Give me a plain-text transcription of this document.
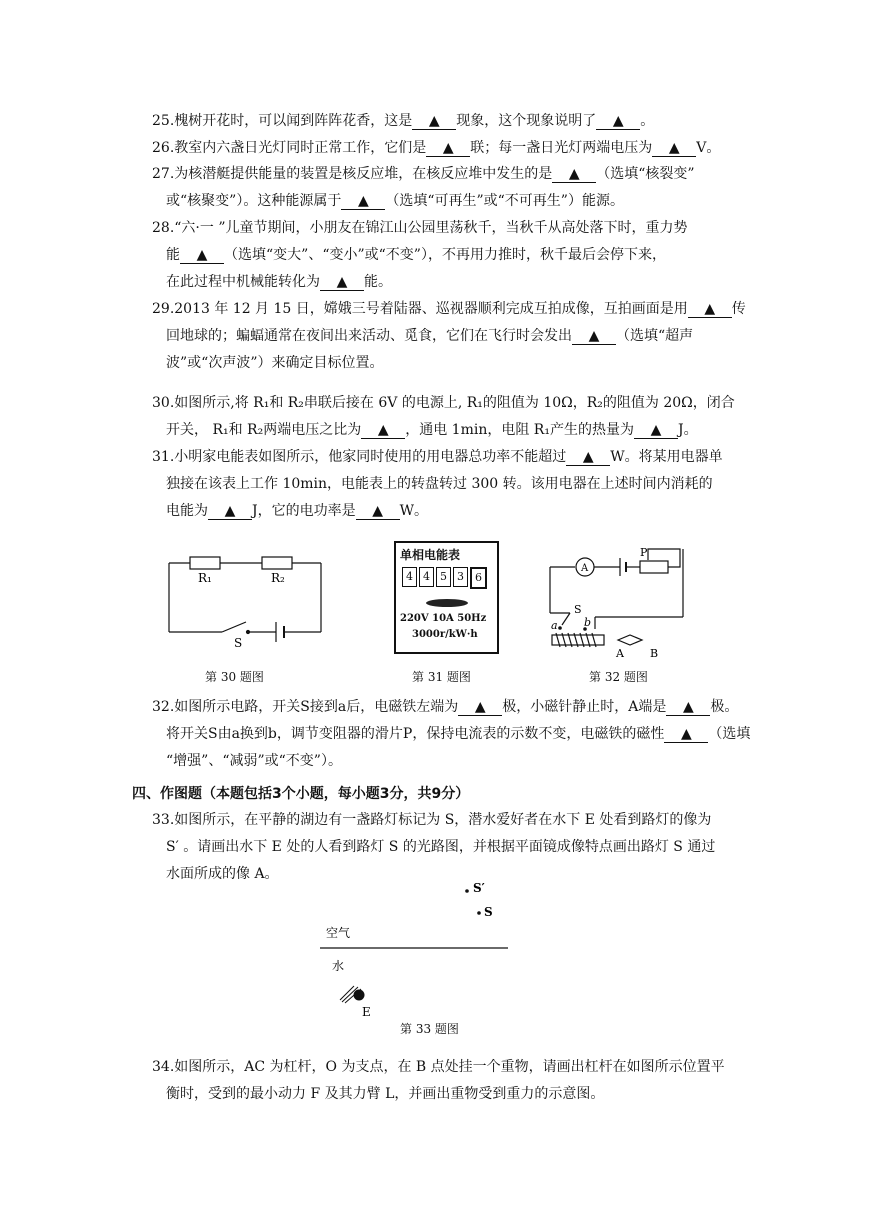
25.槐树开花时，可以闻到阵阵花香，这是 ▲ 现象，这个现象说明了 ▲ 。

26.教室内六盏日光灯同时正常工作，它们是 ▲ 联；每一盏日光灯两端电压为 ▲ V。

27.为核潜艇提供能量的装置是核反应堆，在核反应堆中发生的是 ▲ （选填“核裂变”

或“核聚变”）。这种能源属于 ▲ （选填“可再生”或“不可再生”）能源。

28.“六·一 ”儿童节期间，小朋友在锦江山公园里荡秋千，当秋千从高处落下时，重力势

能 ▲ （选填“变大”、“变小”或“不变”），不再用力推时，秋千最后会停下来，

在此过程中机械能转化为 ▲ 能。

29.2013 年 12 月 15 日，嫦娥三号着陆器、巡视器顺利完成互拍成像，互拍画面是用 ▲ 传

回地球的；蝙蝠通常在夜间出来活动、觅食，它们在飞行时会发出 ▲ （选填“超声

波”或“次声波”）来确定目标位置。

30.如图所示,将 R₁和 R₂串联后接在 6V 的电源上, R₁的阻值为 10Ω，R₂的阻值为 20Ω，闭合

开关， R₁和 R₂两端电压之比为 ▲ ，通电 1min，电阻 R₁产生的热量为 ▲ J。

31.小明家电能表如图所示，他家同时使用的用电器总功率不能超过 ▲ W。将某用电器单

独接在该表上工作 10min，电能表上的转盘转过 300 转。该用电器在上述时间内消耗的

电能为 ▲ J，它的电功率是 ▲ W。

R₁	R₂
S
第 30 题图
单相电能表
4 4 5 3	6
220V 10A 50Hz
3000r/kW·h
第 31 题图
A
P
S
a b
A B
第 32 题图

32.如图所示电路，开关S接到a后，电磁铁左端为 ▲ 极，小磁针静止时，A端是 ▲ 极。

将开关S由a换到b，调节变阻器的滑片P，保持电流表的示数不变，电磁铁的磁性 ▲ （选填

“增强”、“减弱”或“不变”）。

四、作图题（本题包括3个小题，每小题3分，共9分）

33.如图所示，在平静的湖边有一盏路灯标记为 S，潜水爱好者在水下 E 处看到路灯的像为

S′ 。请画出水下 E 处的人看到路灯 S 的光路图，并根据平面镜成像特点画出路灯 S 通过

水面所成的像 A。

S′
S
空气
水
E
第 33 题图

34.如图所示，AC 为杠杆，O 为支点，在 B 点处挂一个重物，请画出杠杆在如图所示位置平

衡时，受到的最小动力 F 及其力臂 L，并画出重物受到重力的示意图。
